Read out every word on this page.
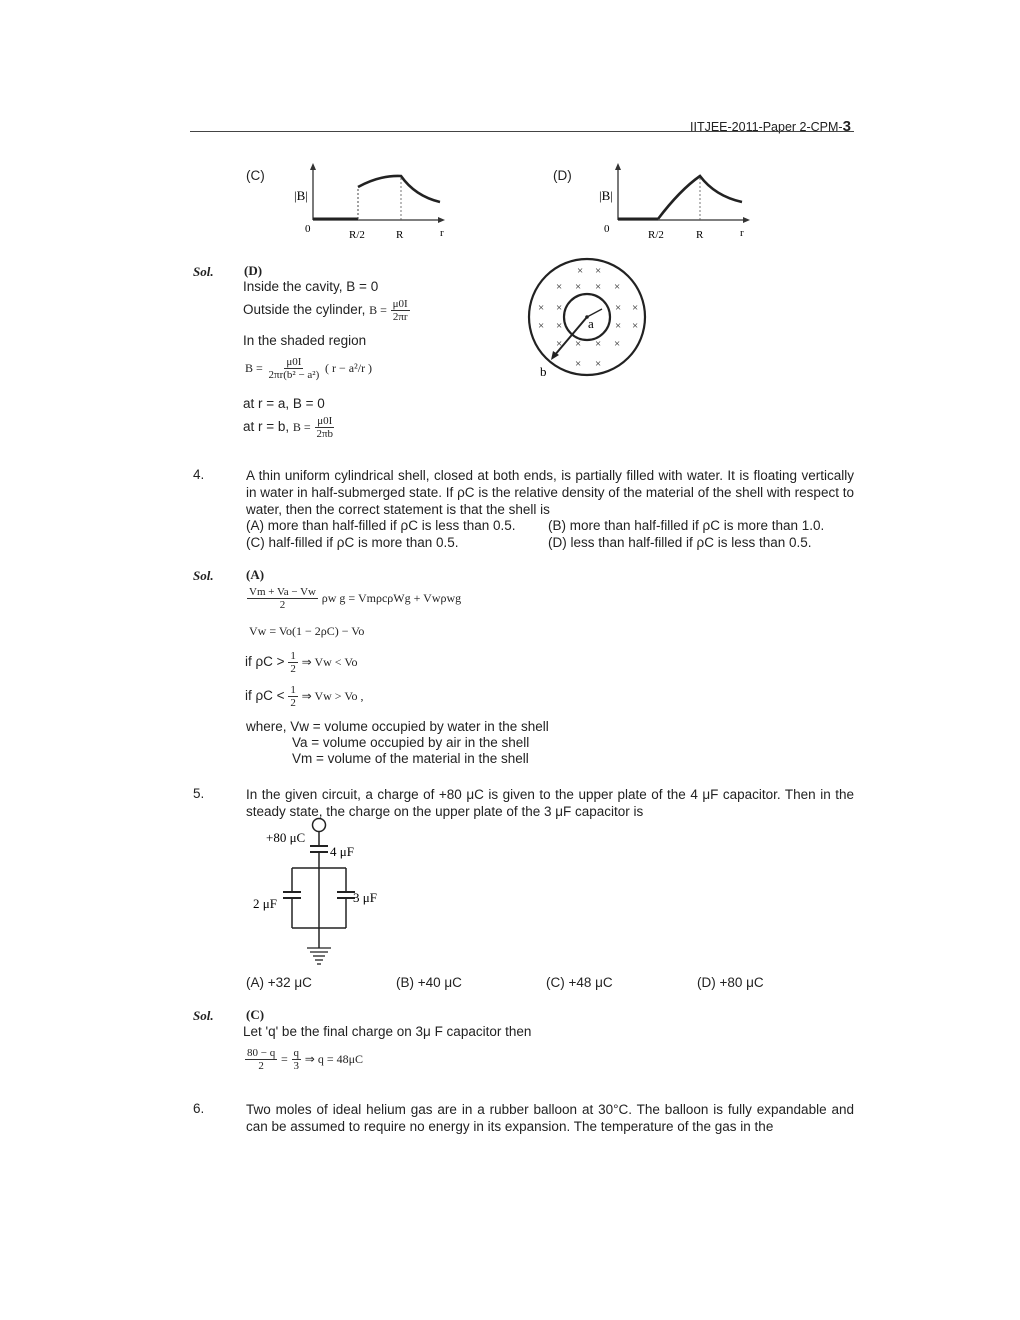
IITJEE-2011-Paper 2-CPM-3
(C)
|B|
0	R/2	R	r
(D)
|B|
0	R/2	R	r
Sol. (D)
Inside the cavity, B = 0
Outside the cylinder, $B = \frac{\mu 0I}{2\pi r}$
In the shaded region
$B = \frac{\mu 0I}{\text{2πr(b² − a²)}}$ ( r − a²/r )
at r = a, B = 0
at r = b, $B = \frac{\mu 0I}{2\pi b}$
× ×
× × × ×
× ×	× ×
× ×	× ×
× × × ×
× ×
a
b
4.	A thin uniform cylindrical shell, closed at both ends, is partially filled with water. It is floating vertically in water in half-submerged state. If ρC is the relative density of the material of the shell with respect to water, then the correct statement is that the shell is
(A) more than half-filled if ρC is less than 0.5. (B) more than half-filled if ρC is more than 1.0.
(C) half-filled if ρC is more than 0.5.	(D) less than half-filled if ρC is less than 0.5.
Sol. (A)
$\frac{Vm + Va - Vw}{2}$ ρw g = VmρcρWg + Vwρwg
Vw = Vo(1 − 2ρC) − Vo
if $\rho C > \frac{1}{2}$ ⇒ Vw < Vo
if $\rho C < \frac{1}{2}$ ⇒ Vw > Vo ,
where, Vw = volume occupied by water in the shell
Va = volume occupied by air in the shell
Vm = volume of the material in the shell
5.	In the given circuit, a charge of +80 μC is given to the upper plate of the 4 μF capacitor. Then in the steady state, the charge on the upper plate of the 3 μF capacitor is
+80 μC
4 μF
2 μF	3 μF
(A) +32 μC	(B) +40 μC	(C) +48 μC	(D) +80 μC
Sol. (C)
Let 'q' be the final charge on 3μ F capacitor then
$\frac{80 - q}{2} = \frac{q}{3}$ ⇒ q = 48μC
6.	Two moles of ideal helium gas are in a rubber balloon at 30°C. The balloon is fully expandable and can be assumed to require no energy in its expansion. The temperature of the gas in the
